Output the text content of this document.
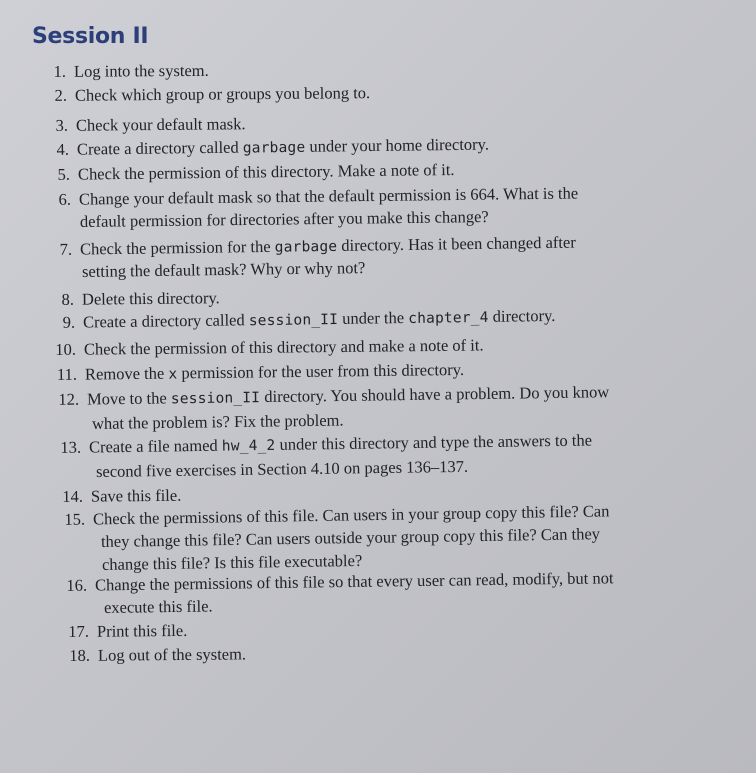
Session II
1. Log into the system.
2. Check which group or groups you belong to.
3. Check your default mask.
4. Create a directory called garbage under your home directory.
5. Check the permission of this directory. Make a note of it.
6. Change your default mask so that the default permission is 664. What is the
default permission for directories after you make this change?
7. Check the permission for the garbage directory. Has it been changed after
setting the default mask? Why or why not?
8. Delete this directory.
9. Create a directory called session_II under the chapter_4 directory.
10. Check the permission of this directory and make a note of it.
11. Remove the x permission for the user from this directory.
12. Move to the session_II directory. You should have a problem. Do you know
what the problem is? Fix the problem.
13. Create a file named hw_4_2 under this directory and type the answers to the
second five exercises in Section 4.10 on pages 136–137.
14. Save this file.
15. Check the permissions of this file. Can users in your group copy this file? Can
they change this file? Can users outside your group copy this file? Can they
change this file? Is this file executable?
16. Change the permissions of this file so that every user can read, modify, but not
execute this file.
17. Print this file.
18. Log out of the system.
